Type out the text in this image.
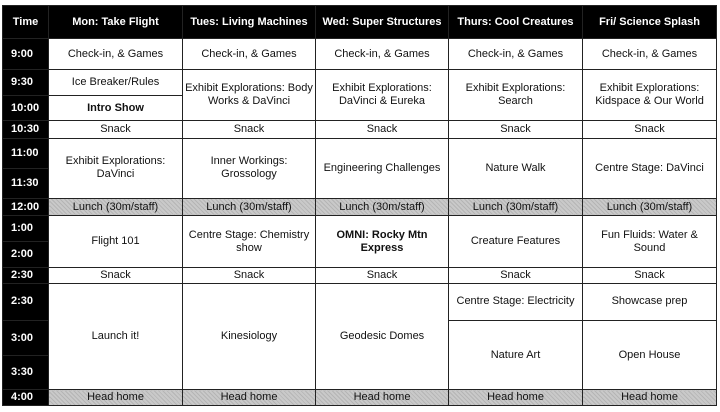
Time	Mon: Take Flight	Tues: Living Machines	Wed: Super Structures	Thurs: Cool Creatures	Fri/ Science Splash
9:00	Check-in, & Games	Check-in, & Games	Check-in, & Games	Check-in, & Games	Check-in, & Games
9:30	Ice Breaker/Rules	Exhibit Explorations: Body Works & DaVinci	Exhibit Explorations: DaVinci & Eureka	Exhibit Explorations: Search	Exhibit Explorations: Kidspace & Our World
10:00	Intro Show				
10:30	Snack	Snack	Snack	Snack	Snack
11:00	Exhibit Explorations: DaVinci	Inner Workings: Grossology	Engineering Challenges	Nature Walk	Centre Stage: DaVinci
11:30					
12:00	Lunch (30m/staff)	Lunch (30m/staff)	Lunch (30m/staff)	Lunch (30m/staff)	Lunch (30m/staff)
1:00	Flight 101	Centre Stage: Chemistry show	OMNI: Rocky Mtn Express	Creature Features	Fun Fluids: Water & Sound
2:00					
2:30	Snack	Snack	Snack	Snack	Snack
2:30	Launch it!	Kinesiology	Geodesic Domes	Centre Stage: Electricity	Showcase prep
3:00				Nature Art	Open House
3:30					
4:00	Head home	Head home	Head home	Head home	Head home
